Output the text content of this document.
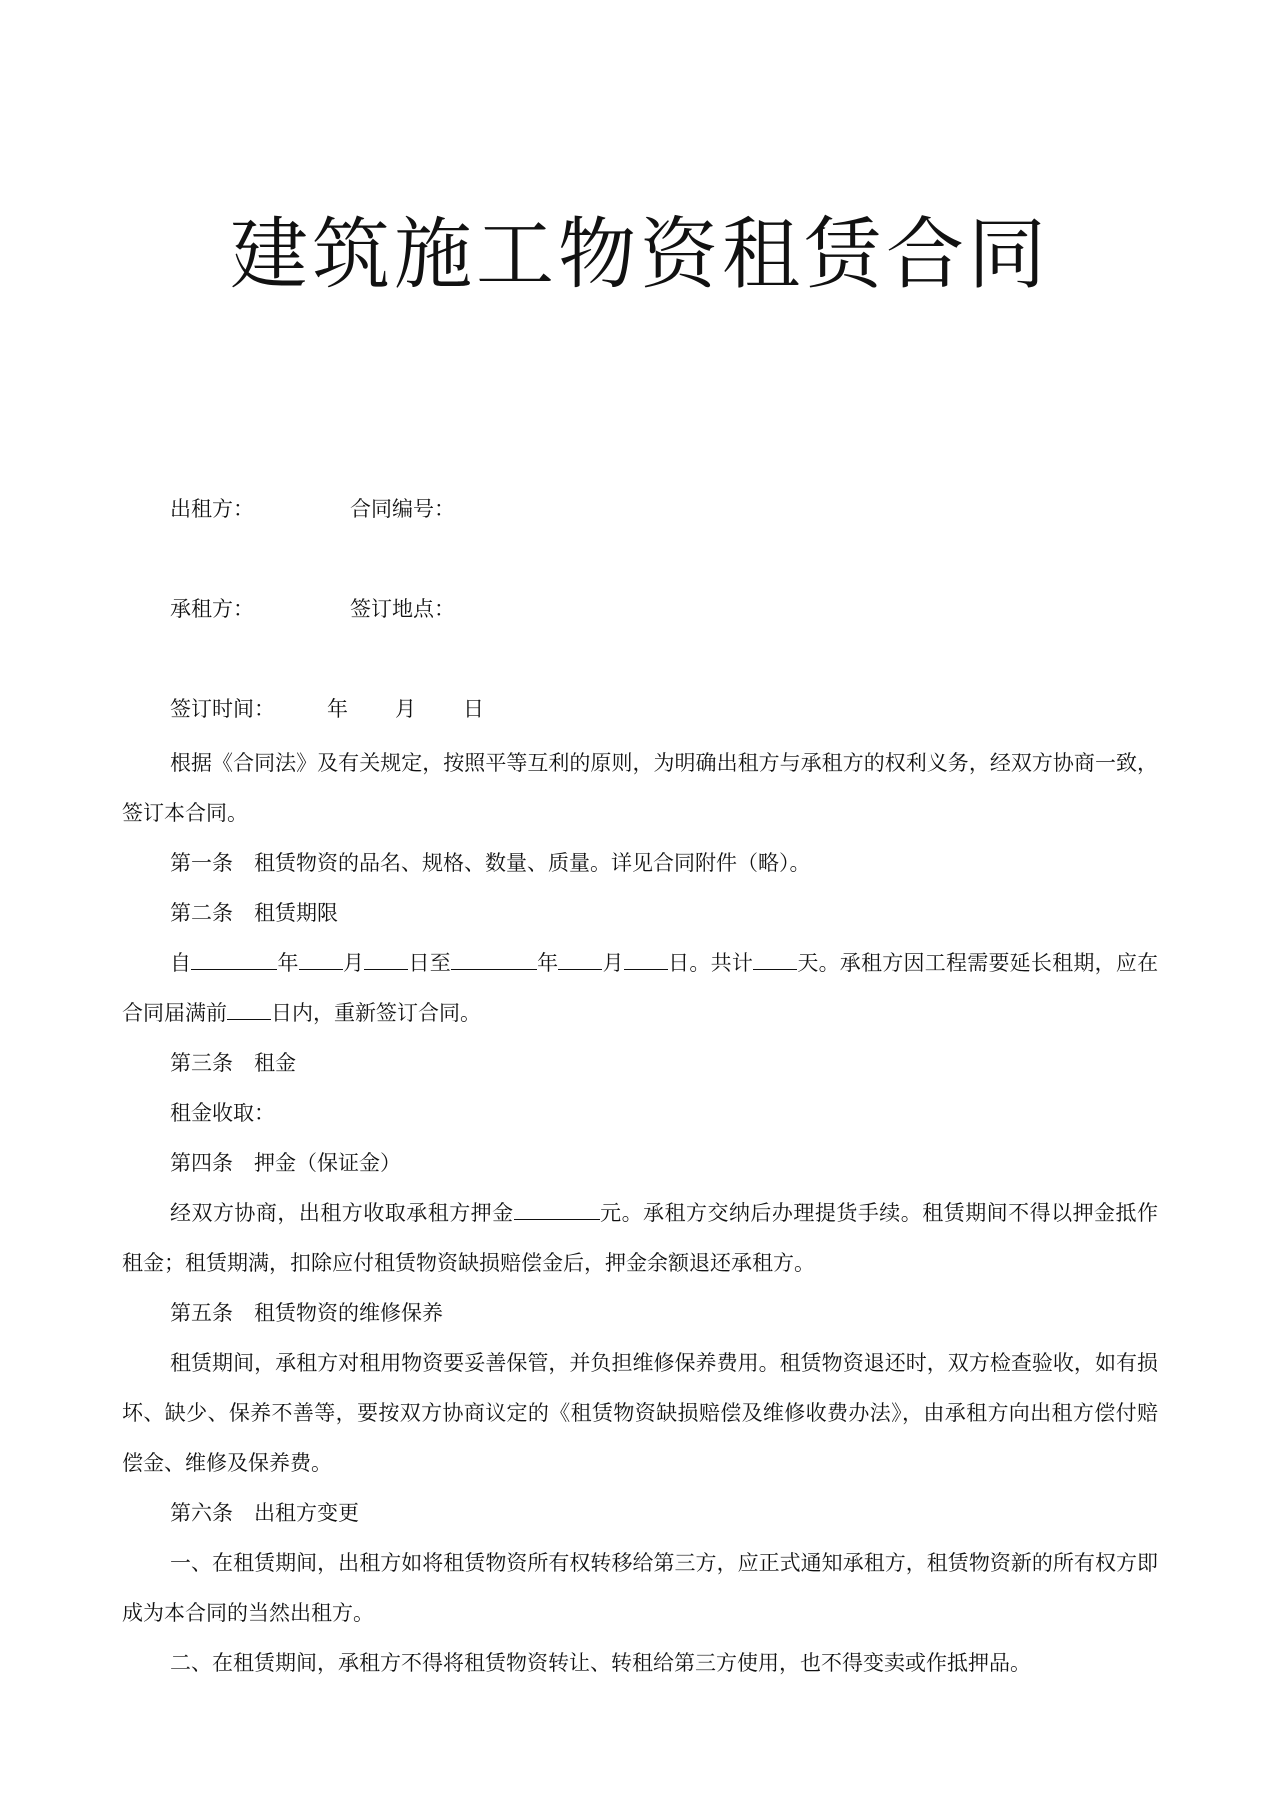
建筑施工物资租赁合同
出租方：	合同编号：
承租方：	签订地点：
签订时间： 年 月 日

根据《合同法》及有关规定，按照平等互利的原则，为明确出租方与承租方的权利义务，经双方协商一致，签订本合同。

第一条　租赁物资的品名、规格、数量、质量。详见合同附件（略）。

第二条　租赁期限

自	年 月 日至	年 月 日。共计 天。承租方因工程需要延长租期，应在合同届满前 日内，重新签订合同。

第三条　租金

租金收取：

第四条　押金（保证金）

经双方协商，出租方收取承租方押金	元。承租方交纳后办理提货手续。租赁期间不得以押金抵作租金；租赁期满，扣除应付租赁物资缺损赔偿金后，押金余额退还承租方。

第五条　租赁物资的维修保养

租赁期间，承租方对租用物资要妥善保管，并负担维修保养费用。租赁物资退还时，双方检查验收，如有损坏、缺少、保养不善等，要按双方协商议定的《租赁物资缺损赔偿及维修收费办法》，由承租方向出租方偿付赔偿金、维修及保养费。

第六条　出租方变更

一、在租赁期间，出租方如将租赁物资所有权转移给第三方，应正式通知承租方，租赁物资新的所有权方即成为本合同的当然出租方。

二、在租赁期间，承租方不得将租赁物资转让、转租给第三方使用，也不得变卖或作抵押品。
